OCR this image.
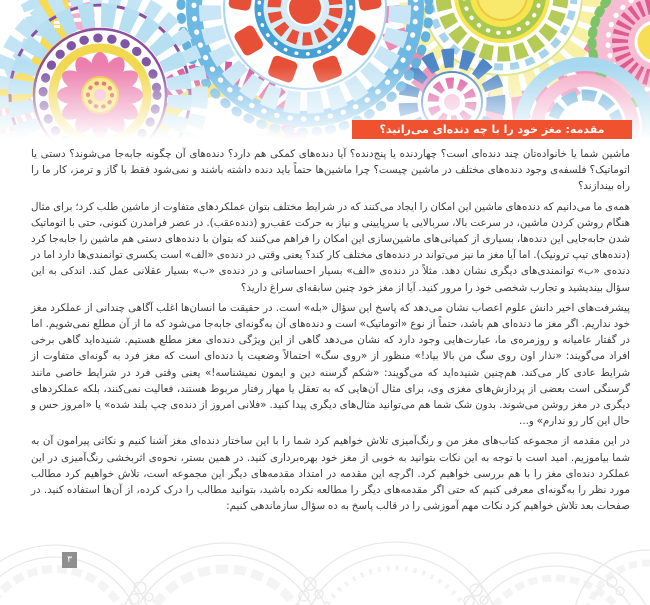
مقدمه: مغز خود را با چه دنده‌ای می‌رانید؟

ماشین شما یا خانواده‌تان چند دنده‌ای است؟ چهاردنده یا پنج‌دنده؟ آیا دنده‌های کمکی هم دارد؟ دنده‌های آن چگونه جابه‌جا می‌شوند؟ دستی یا اتوماتیک؟ فلسفه‌ی وجود دنده‌های مختلف در ماشین چیست؟ چرا ماشین‌ها حتماً باید دنده داشته باشند و نمی‌شود فقط با گاز و ترمز، کار ما را راه بیندازند؟

همه‌ی ما می‌دانیم که دنده‌های ماشین این امکان را ایجاد می‌کنند که در شرایط مختلف بتوان عملکردهای متفاوت از ماشین طلب کرد؛ برای مثال هنگام روشن کردن ماشین، در سرعت بالا، سربالایی یا سرپایینی و نیاز به حرکت عقب‌رو (دنده‌عقب). در عصر فرامدرن کنونی، حتی با اتوماتیک شدن جابه‌جایی این دنده‌ها، بسیاری از کمپانی‌های ماشین‌سازی این امکان را فراهم می‌کنند که بتوان با دنده‌های دستی هم ماشین را جابه‌جا کرد (دنده‌های تیپ ترونیک). اما آیا مغز ما نیز می‌تواند در دنده‌های مختلف کار کند؟ یعنی وقتی در دنده‌ی «الف» است یکسری توانمندی‌ها دارد اما در دنده‌ی «ب» توانمندی‌های دیگری نشان دهد. مثلاً در دنده‌ی «الف» بسیار احساساتی و در دنده‌ی «ب» بسیار عقلانی عمل کند. اندکی به این سؤال بیندیشید و تجارب شخصی خود را مرور کنید. آیا از مغز خود چنین سابقه‌ای سراغ دارید؟

پیشرفت‌های اخیر دانش علوم اعصاب نشان می‌دهد که پاسخ این سؤال «بله» است. در حقیقت ما انسان‌ها اغلب آگاهی چندانی از عملکرد مغز خود نداریم. اگر مغز ما دنده‌ای هم باشد، حتماً از نوع «اتوماتیک» است و دنده‌های آن به‌گونه‌ای جابه‌جا می‌شود که ما از آن مطلع نمی‌شویم. اما در گفتار عامیانه و روزمره‌ی ما، عبارت‌هایی وجود دارد که نشان می‌دهد گاهی از این ویژگی دنده‌ای مغز مطلع هستیم. شنیده‌اید گاهی برخی افراد می‌گویند: «نذار اون روی سگ من بالا بیاد!» منظور از «روی سگ» احتمالاً وضعیت یا دنده‌ای است که مغز فرد به گونه‌ای متفاوت از شرایط عادی کار می‌کند. هم‌چنین شنیده‌اید که می‌گویند: «شکم گرسنه دین و ایمون نمیشناسه!» یعنی وقتی فرد در شرایط خاصی مانند گرسنگی است بعضی از پردازش‌های مغزی وی، برای مثال آن‌هایی که به تعقل یا مهار رفتار مربوط هستند، فعالیت نمی‌کنند، بلکه عملکردهای دیگری در مغز روشن می‌شوند. بدون شک شما هم می‌توانید مثال‌های دیگری پیدا کنید. «فلانی امروز از دنده‌ی چپ بلند شده» یا «امروز حس و حال این کار رو ندارم» و...

در این مقدمه از مجموعه کتاب‌های مغز من و رنگ‌آمیزی تلاش خواهیم کرد شما را با این ساختار دنده‌ای مغز آشنا کنیم و نکاتی پیرامون آن به شما بیاموزیم. امید است با توجه به این نکات بتوانید به خوبی از مغز خود بهره‌برداری کنید. در همین بستر، نحوه‌ی اثربخشی رنگ‌آمیزی در این عملکرد دنده‌ای مغز را با هم بررسی خواهیم کرد. اگرچه این مقدمه در امتداد مقدمه‌های دیگر این مجموعه است، تلاش خواهیم کرد مطالب مورد نظر را به‌گونه‌ای معرفی کنیم که حتی اگر مقدمه‌های دیگر را مطالعه نکرده باشید، بتوانید مطالب را درک کرده، از آن‌ها استفاده کنید. در صفحات بعد تلاش خواهیم کرد نکات مهم آموزشی را در قالب پاسخ به ده سؤال سازماندهی کنیم:

۳
